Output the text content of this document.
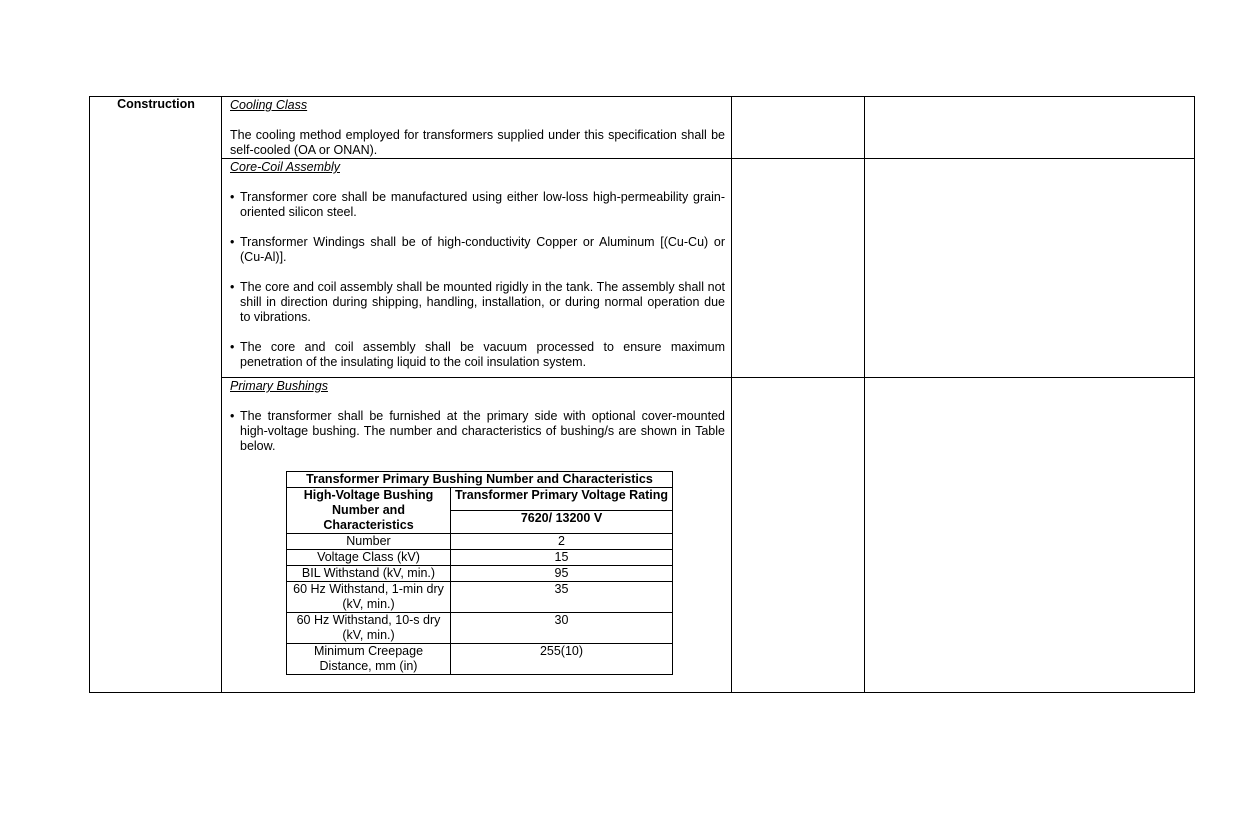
Construction	Cooling Class
The cooling method employed for transformers supplied under this specification shall be self-cooled (OA or ONAN).
Core-Coil Assembly
• Transformer core shall be manufactured using either low-loss high-permeability grain-oriented silicon steel.
• Transformer Windings shall be of high-conductivity Copper or Aluminum [(Cu-Cu) or (Cu-Al)].
• The core and coil assembly shall be mounted rigidly in the tank. The assembly shall not shill in direction during shipping, handling, installation, or during normal operation due to vibrations.
• The core and coil assembly shall be vacuum processed to ensure maximum penetration of the insulating liquid to the coil insulation system.
Primary Bushings
• The transformer shall be furnished at the primary side with optional cover-mounted high-voltage bushing. The number and characteristics of bushing/s are shown in Table below.
Transformer Primary Bushing Number and Characteristics	
High-Voltage Bushing Number and Characteristics	Transformer Primary Voltage Rating
	7620/ 13200 V
Number	2
Voltage Class (kV)	15
BIL Withstand (kV, min.)	95
60 Hz Withstand, 1-min dry (kV, min.)	35
60 Hz Withstand, 10-s dry (kV, min.)	30
Minimum Creepage Distance, mm (in)	255(10)
